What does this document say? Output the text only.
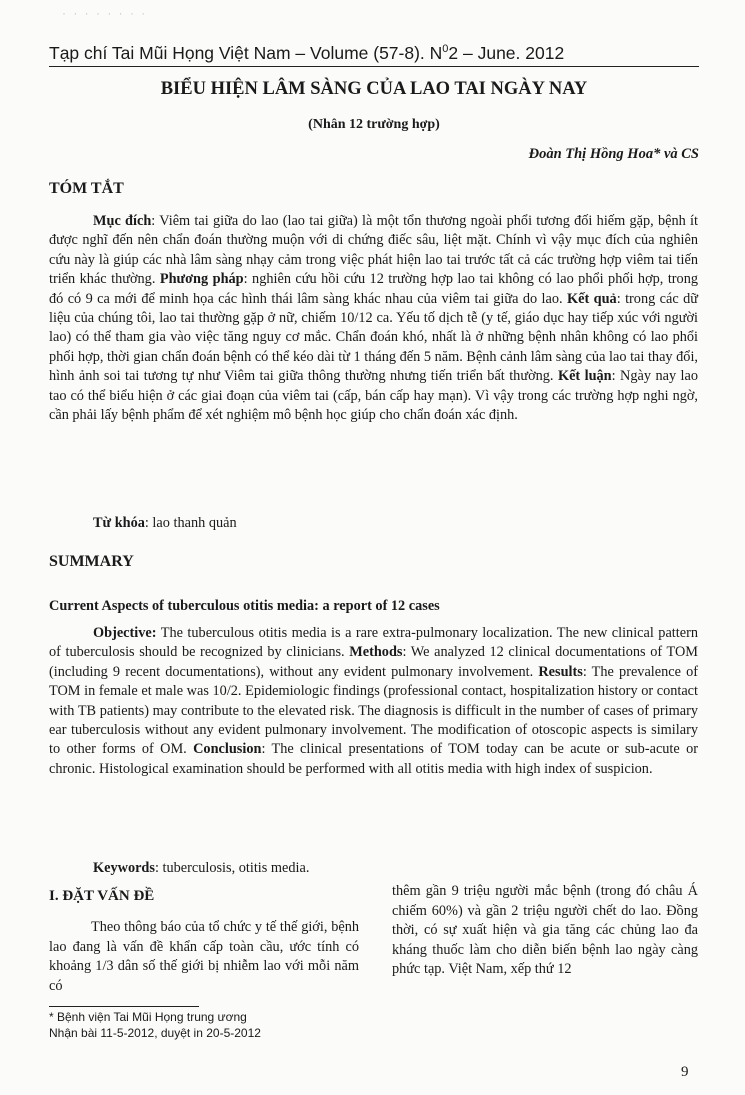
· · · · · · · ·
Tạp chí Tai Mũi Họng Việt Nam – Volume (57-8). $N^02$ – June. 2012
BIỂU HIỆN LÂM SÀNG CỦA LAO TAI NGÀY NAY
(Nhân 12 trường hợp)
Đoàn Thị Hồng Hoa* và CS
TÓM TẮT

Mục đích: Viêm tai giữa do lao (lao tai giữa) là một tổn thương ngoài phổi tương đối hiếm gặp, bệnh ít được nghĩ đến nên chẩn đoán thường muộn với di chứng điếc sâu, liệt mặt. Chính vì vậy mục đích của nghiên cứu này là giúp các nhà lâm sàng nhạy cảm trong việc phát hiện lao tai trước tất cả các trường hợp viêm tai tiến triển khác thường. Phương pháp: nghiên cứu hồi cứu 12 trường hợp lao tai không có lao phổi phối hợp, trong đó có 9 ca mới để minh họa các hình thái lâm sàng khác nhau của viêm tai giữa do lao. Kết quả: trong các dữ liệu của chúng tôi, lao tai thường gặp ở nữ, chiếm 10/12 ca. Yếu tố dịch tễ (y tế, giáo dục hay tiếp xúc với người lao) có thể tham gia vào việc tăng nguy cơ mắc. Chẩn đoán khó, nhất là ở những bệnh nhân không có lao phổi phối hợp, thời gian chẩn đoán bệnh có thể kéo dài từ 1 tháng đến 5 năm. Bệnh cảnh lâm sàng của lao tai thay đổi, hình ảnh soi tai tương tự như Viêm tai giữa thông thường nhưng tiến triển bất thường. Kết luận: Ngày nay lao tao có thể biểu hiện ở các giai đoạn của viêm tai (cấp, bán cấp hay mạn). Vì vậy trong các trường hợp nghi ngờ, cần phải lấy bệnh phẩm để xét nghiệm mô bệnh học giúp cho chẩn đoán xác định.

Từ khóa: lao thanh quản
SUMMARY
Current Aspects of tuberculous otitis media: a report of 12 cases

Objective: The tuberculous otitis media is a rare extra-pulmonary localization. The new clinical pattern of tuberculosis should be recognized by clinicians. Methods: We analyzed 12 clinical documentations of TOM (including 9 recent documentations), without any evident pulmonary involvement. Results: The prevalence of TOM in female et male was 10/2. Epidemiologic findings (professional contact, hospitalization history or contact with TB patients) may contribute to the elevated risk. The diagnosis is difficult in the number of cases of primary ear tuberculosis without any evident pulmonary involvement. The modification of otoscopic aspects is similary to other forms of OM. Conclusion: The clinical presentations of TOM today can be acute or sub-acute or chronic. Histological examination should be performed with all otitis media with high index of suspicion.

Keywords: tuberculosis, otitis media.
I. ĐẶT VẤN ĐỀ

Theo thông báo của tổ chức y tế thế giới, bệnh lao đang là vấn đề khẩn cấp toàn cầu, ước tính có khoảng 1/3 dân số thế giới bị nhiễm lao với mỗi năm có

thêm gần 9 triệu người mắc bệnh (trong đó châu Á chiếm 60%) và gần 2 triệu người chết do lao. Đồng thời, có sự xuất hiện và gia tăng các chủng lao đa kháng thuốc làm cho diễn biến bệnh lao ngày càng phức tạp. Việt Nam, xếp thứ 12

* Bệnh viện Tai Mũi Họng trung ương
Nhận bài 11-5-2012, duyệt in 20-5-2012
9
